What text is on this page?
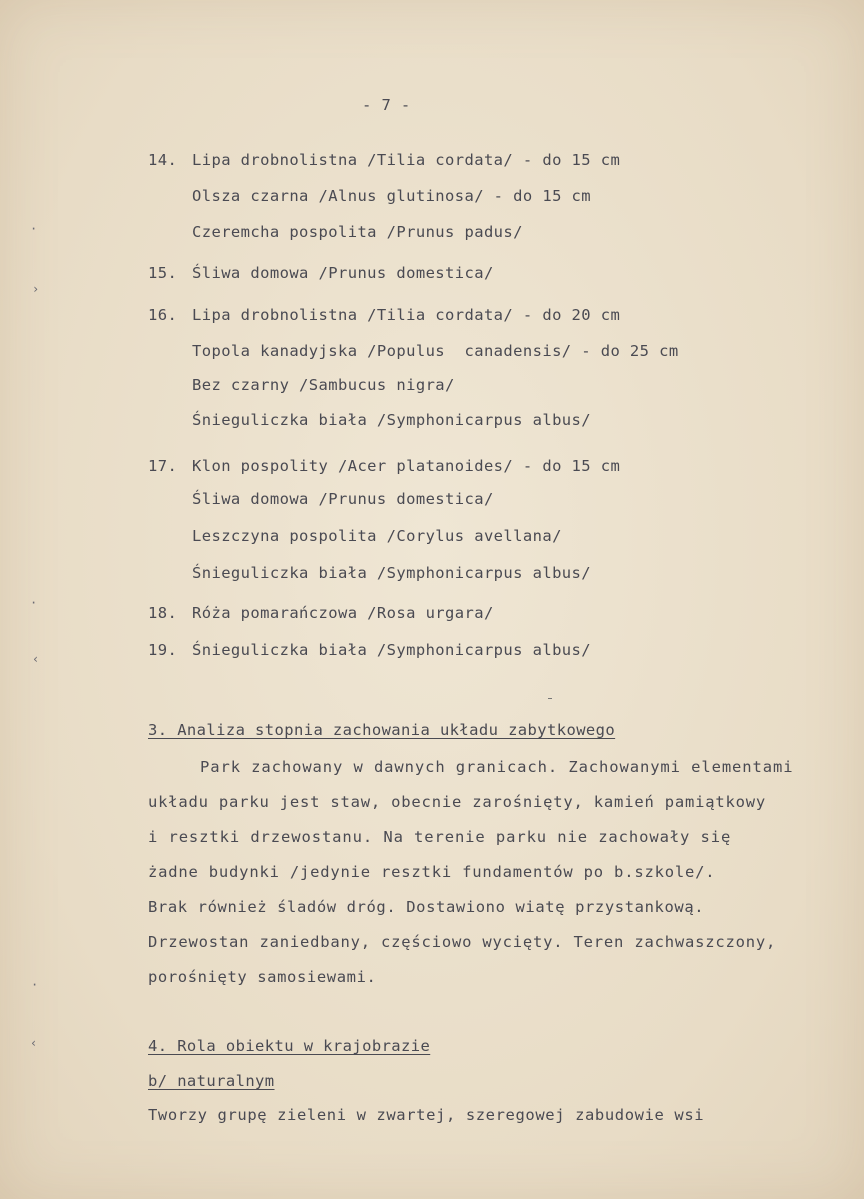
- 7 -
14. Lipa drobnolistna /Tilia cordata/ - do 15 cm
Olsza czarna /Alnus glutinosa/ - do 15 cm
Czeremcha pospolita /Prunus padus/
15. Śliwa domowa /Prunus domestica/
16. Lipa drobnolistna /Tilia cordata/ - do 20 cm
Topola kanadyjska /Populus  canadensis/ - do 25 cm
Bez czarny /Sambucus nigra/
Śnieguliczka biała /Symphonicarpus albus/
17. Klon pospolity /Acer platanoides/ - do 15 cm
Śliwa domowa /Prunus domestica/
Leszczyna pospolita /Corylus avellana/
Śnieguliczka biała /Symphonicarpus albus/
18. Róża pomarańczowa /Rosa urgara/
19. Śnieguliczka biała /Symphonicarpus albus/
3. Analiza stopnia zachowania układu zabytkowego
Park zachowany w dawnych granicach. Zachowanymi elementami
układu parku jest staw, obecnie zarośnięty, kamień pamiątkowy
i resztki drzewostanu. Na terenie parku nie zachowały się
żadne budynki /jedynie resztki fundamentów po b.szkole/.
Brak również śladów dróg. Dostawiono wiatę przystankową.
Drzewostan zaniedbany, częściowo wycięty. Teren zachwaszczony,
porośnięty samosiewami.
4. Rola obiektu w krajobrazie
b/ naturalnym
Tworzy grupę zieleni w zwartej, szeregowej zabudowie wsi
·
›
·
‹
·
‹
